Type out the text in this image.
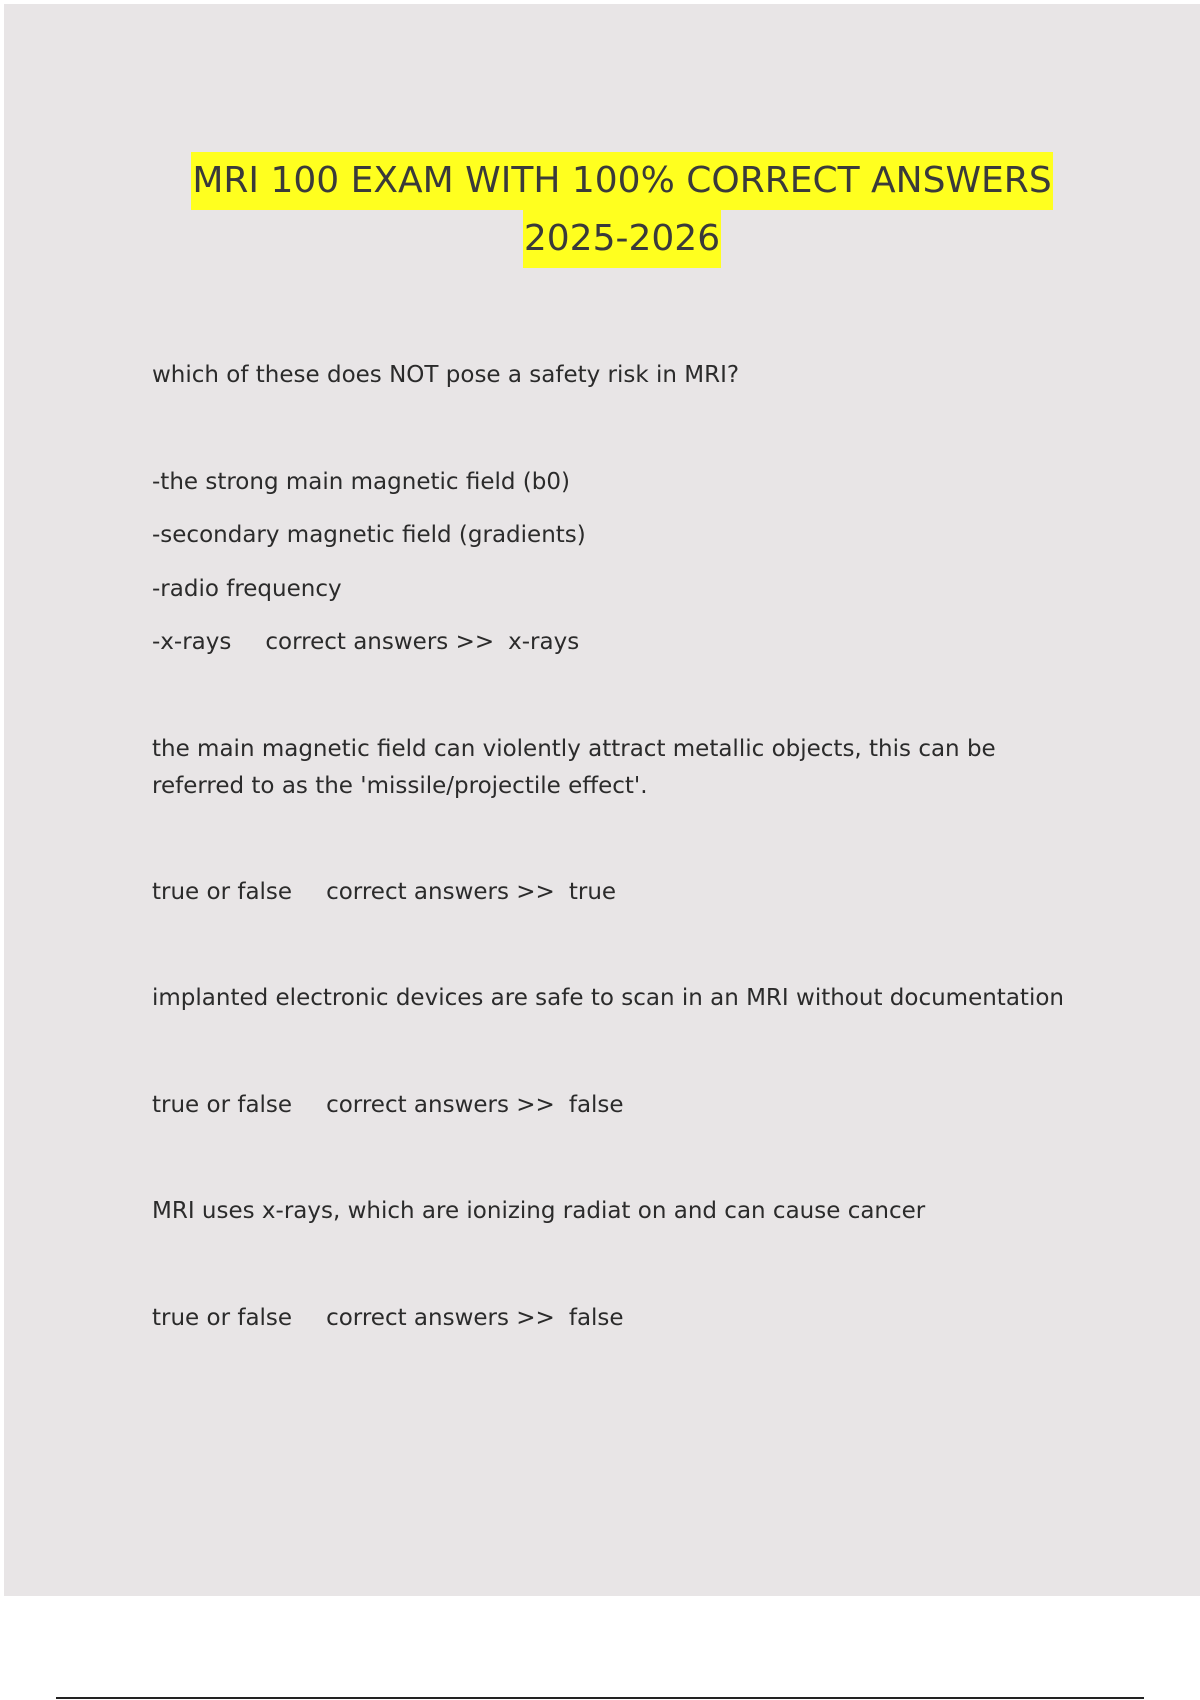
MRI 100 EXAM WITH 100% CORRECT ANSWERS
2025-2026
which of these does NOT pose a safety risk in MRI?
-the strong main magnetic field (b0)
-secondary magnetic field (gradients)
-radio frequency
-x-rays correct answers >> x-rays
the main magnetic field can violently attract metallic objects, this can be referred to as the 'missile/projectile effect'.
true or false correct answers >> true
implanted electronic devices are safe to scan in an MRI without documentation
true or false correct answers >> false
MRI uses x-rays, which are ionizing radiat on and can cause cancer
true or false correct answers >> false
